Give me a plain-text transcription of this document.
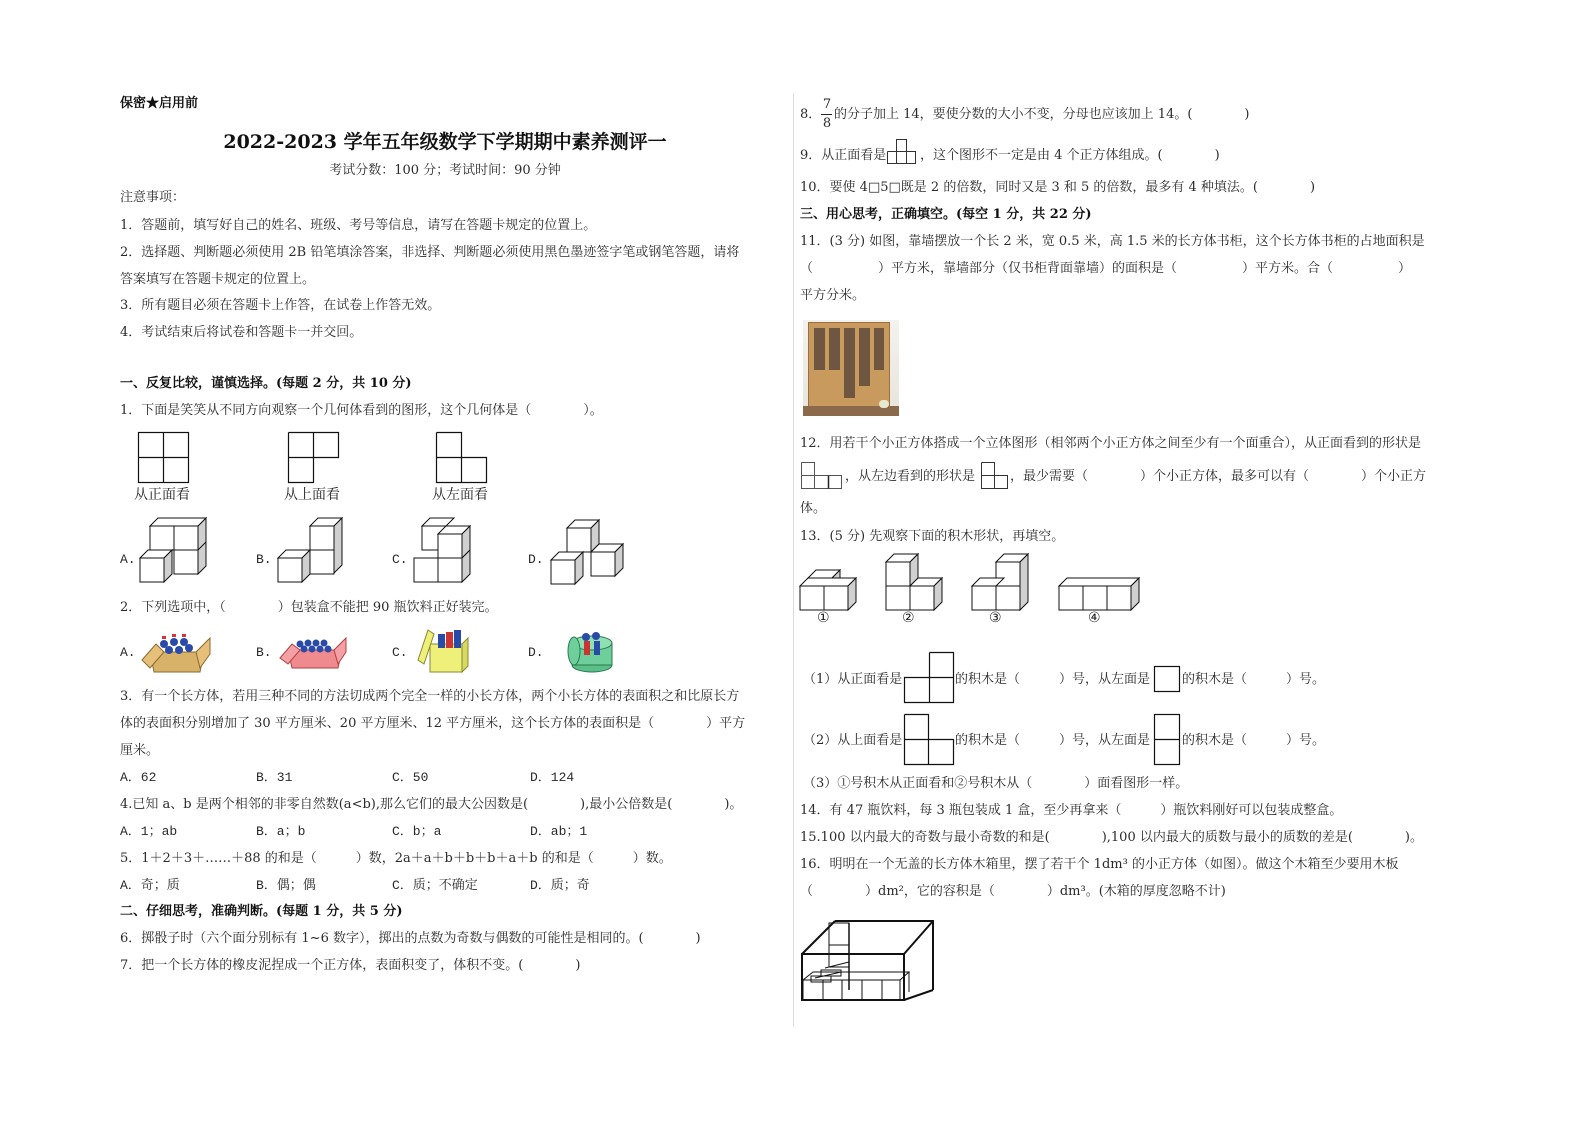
保密★启用前
2022-2023 学年五年级数学下学期期中素养测评一
考试分数：100 分；考试时间：90 分钟
注意事项：
1．答题前，填写好自己的姓名、班级、考号等信息，请写在答题卡规定的位置上。
2．选择题、判断题必须使用 2B 铅笔填涂答案，非选择、判断题必须使用黑色墨迹签字笔或钢笔答题，请将
答案填写在答题卡规定的位置上。
3．所有题目必须在答题卡上作答，在试卷上作答无效。
4．考试结束后将试卷和答题卡一并交回。
一、反复比较，谨慎选择。(每题 2 分，共 10 分)
1．下面是笑笑从不同方向观察一个几何体看到的图形，这个几何体是（　　　　）。
从正面看	从上面看	从左面看
A.	B.	C.	D.
2．下列选项中，（　　　　）包装盒不能把 90 瓶饮料正好装完。
A.	B.	C.	D.
3．有一个长方体，若用三种不同的方法切成两个完全一样的小长方体，两个小长方体的表面积之和比原长方
体的表面积分别增加了 30 平方厘米、20 平方厘米、12 平方厘米，这个长方体的表面积是（　　　　）平方
厘米。
A．62	B．31	C．50	D．124
4.已知 a、b 是两个相邻的非零自然数(a<b),那么它们的最大公因数是(　　　　),最小公倍数是(　　　　)。
A．1；ab	B．a；b	C．b；a	D．ab；1
5．1＋2＋3＋……＋88 的和是（　　　）数，2a＋a＋b＋b＋b＋a＋b 的和是（　　　）数。
A．奇；质	B．偶；偶	C．质；不确定	D．质；奇
二、仔细思考，准确判断。(每题 1 分，共 5 分)
6．掷骰子时（六个面分别标有 1~6 数字），掷出的点数为奇数与偶数的可能性是相同的。(　　　　)
7．把一个长方体的橡皮泥捏成一个正方体，表面积变了，体积不变。(　　　　)
8．
7
8
的分子加上 14，要使分数的大小不变，分母也应该加上 14。(　　　　)
9．从正面看是	，这个图形不一定是由 4 个正方体组成。(　　　　)
10．要使 4□5□既是 2 的倍数，同时又是 3 和 5 的倍数，最多有 4 种填法。(　　　　)
三、用心思考，正确填空。(每空 1 分，共 22 分)
11．(3 分) 如图，靠墙摆放一个长 2 米，宽 0.5 米，高 1.5 米的长方体书柜，这个长方体书柜的占地面积是
（　　　　　）平方米，靠墙部分（仅书柜背面靠墙）的面积是（　　　　　）平方米。合（　　　　　）
平方分米。
12．用若干个小正方体搭成一个立体图形（相邻两个小正方体之间至少有一个面重合），从正面看到的形状是
，从左边看到的形状是	，最少需要（　　　　）个小正方体，最多可以有（　　　　）个小正方
体。
13．(5 分) 先观察下面的积木形状，再填空。
①	②	③	④
（1）从正面看是	的积木是（　　　）号，从左面是 的积木是（　　　）号。
（2）从上面看是	的积木是（　　　）号，从左面是 的积木是（　　　）号。
（3）①号积木从正面看和②号积木从（　　　　）面看图形一样。
14．有 47 瓶饮料，每 3 瓶包装成 1 盒，至少再拿来（　　　）瓶饮料刚好可以包装成整盒。
15.100 以内最大的奇数与最小奇数的和是(　　　　),100 以内最大的质数与最小的质数的差是(　　　　)。
16．明明在一个无盖的长方体木箱里，摆了若干个 1dm³ 的小正方体（如图）。做这个木箱至少要用木板
（　　　　）dm²，它的容积是（　　　　）dm³。(木箱的厚度忽略不计)
